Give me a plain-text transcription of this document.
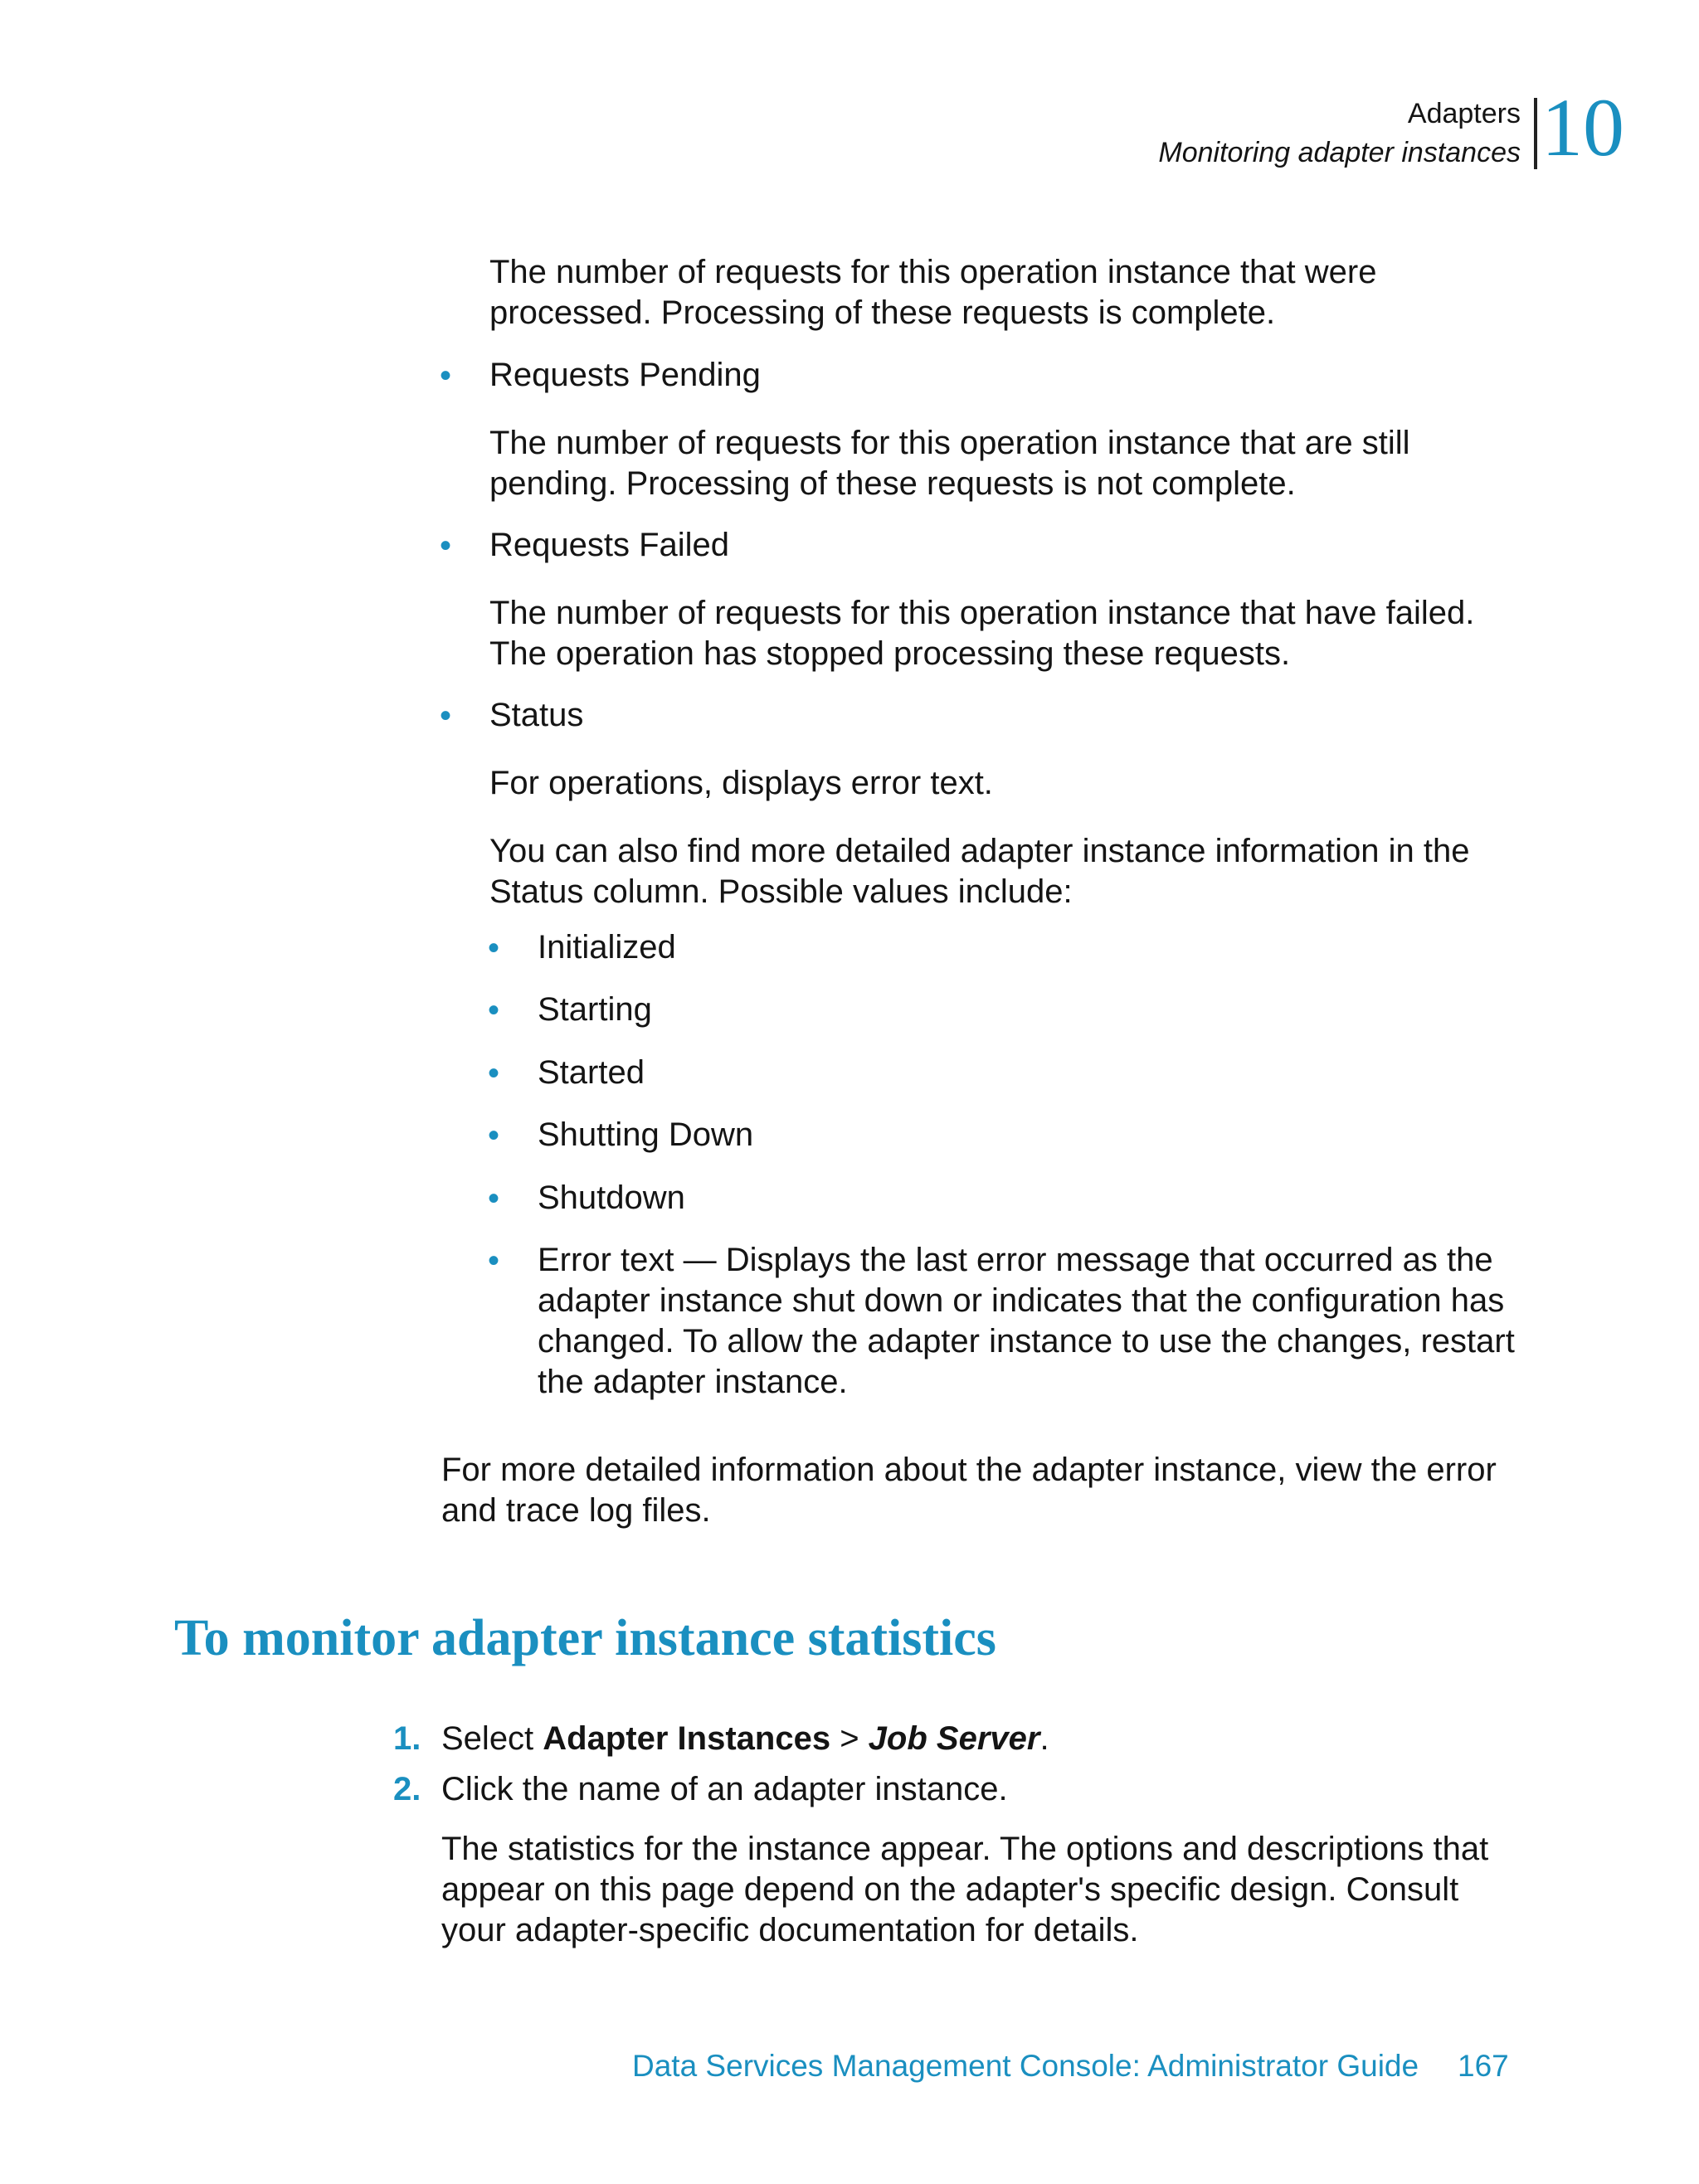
Adapters
Monitoring adapter instances 10
The number of requests for this operation instance that were
processed. Processing of these requests is complete.
• Requests Pending
The number of requests for this operation instance that are still
pending. Processing of these requests is not complete.
• Requests Failed
The number of requests for this operation instance that have failed.
The operation has stopped processing these requests.
• Status
For operations, displays error text.
You can also find more detailed adapter instance information in the
Status column. Possible values include:
• Initialized
• Starting
• Started
• Shutting Down
• Shutdown
• Error text — Displays the last error message that occurred as the
adapter instance shut down or indicates that the configuration has
changed. To allow the adapter instance to use the changes, restart
the adapter instance.
For more detailed information about the adapter instance, view the error
and trace log files.
To monitor adapter instance statistics
1. Select Adapter Instances > Job Server.
2. Click the name of an adapter instance.
The statistics for the instance appear. The options and descriptions that
appear on this page depend on the adapter's specific design. Consult
your adapter-specific documentation for details.
Data Services Management Console: Administrator Guide 167
